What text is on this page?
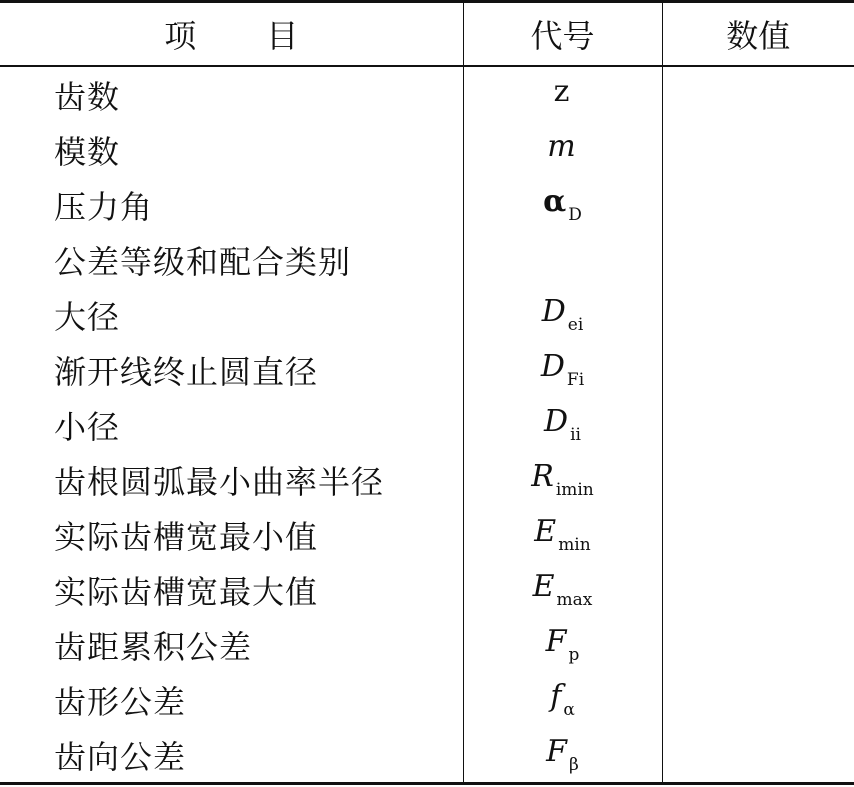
项 目	代号	数值
齿数	z	
模数	m	
压力角	α $_D$	
公差等级和配合类别		
大径	D $_{ei}$	
渐开线终止圆直径	D $_{Fi}$	
小径	D $_{ii}$	
齿根圆弧最小曲率半径	R $_{imin}$	
实际齿槽宽最小值	E $_{min}$	
实际齿槽宽最大值	E $_{max}$	
齿距累积公差	F $_p$	
齿形公差	f $_\alpha$	
齿向公差	F $_\beta$	
